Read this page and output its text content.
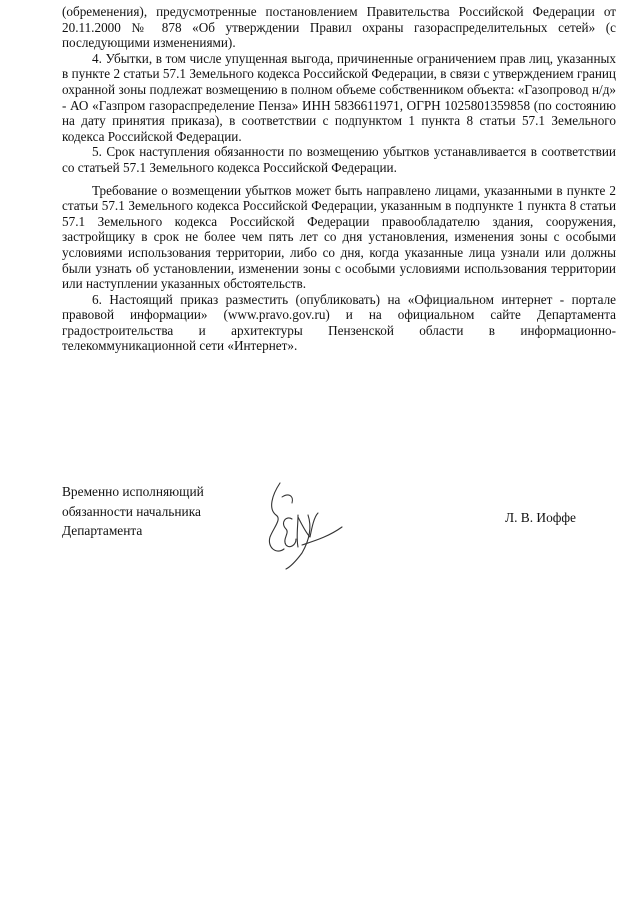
(обременения), предусмотренные постановлением Правительства Российской Федерации от 20.11.2000 № 878 «Об утверждении Правил охраны газораспределительных сетей» (с последующими изменениями).

4. Убытки, в том числе упущенная выгода, причиненные ограничением прав лиц, указанных в пункте 2 статьи 57.1 Земельного кодекса Российской Федерации, в связи с утверждением границ охранной зоны подлежат возмещению в полном объеме собственником объекта: «Газопровод н/д» - АО «Газпром газораспределение Пенза» ИНН 5836611971, ОГРН 1025801359858 (по состоянию на дату принятия приказа), в соответствии с подпунктом 1 пункта 8 статьи 57.1 Земельного кодекса Российской Федерации.

5. Срок наступления обязанности по возмещению убытков устанавливается в соответствии со статьей 57.1 Земельного кодекса Российской Федерации.

Требование о возмещении убытков может быть направлено лицами, указанными в пункте 2 статьи 57.1 Земельного кодекса Российской Федерации, указанным в подпункте 1 пункта 8 статьи 57.1 Земельного кодекса Российской Федерации правообладателю здания, сооружения, застройщику в срок не более чем пять лет со дня установления, изменения зоны с особыми условиями использования территории, либо со дня, когда указанные лица узнали или должны были узнать об установлении, изменении зоны с особыми условиями использования территории или наступлении указанных обстоятельств.

6. Настоящий приказ разместить (опубликовать) на «Официальном интернет - портале правовой информации» (www.pravo.gov.ru) и на официальном сайте Департамента градостроительства и архитектуры Пензенской области в информационно-телекоммуникационной сети «Интернет».

Временно исполняющий
обязанности начальника
Департамента
Л. В. Иоффе
